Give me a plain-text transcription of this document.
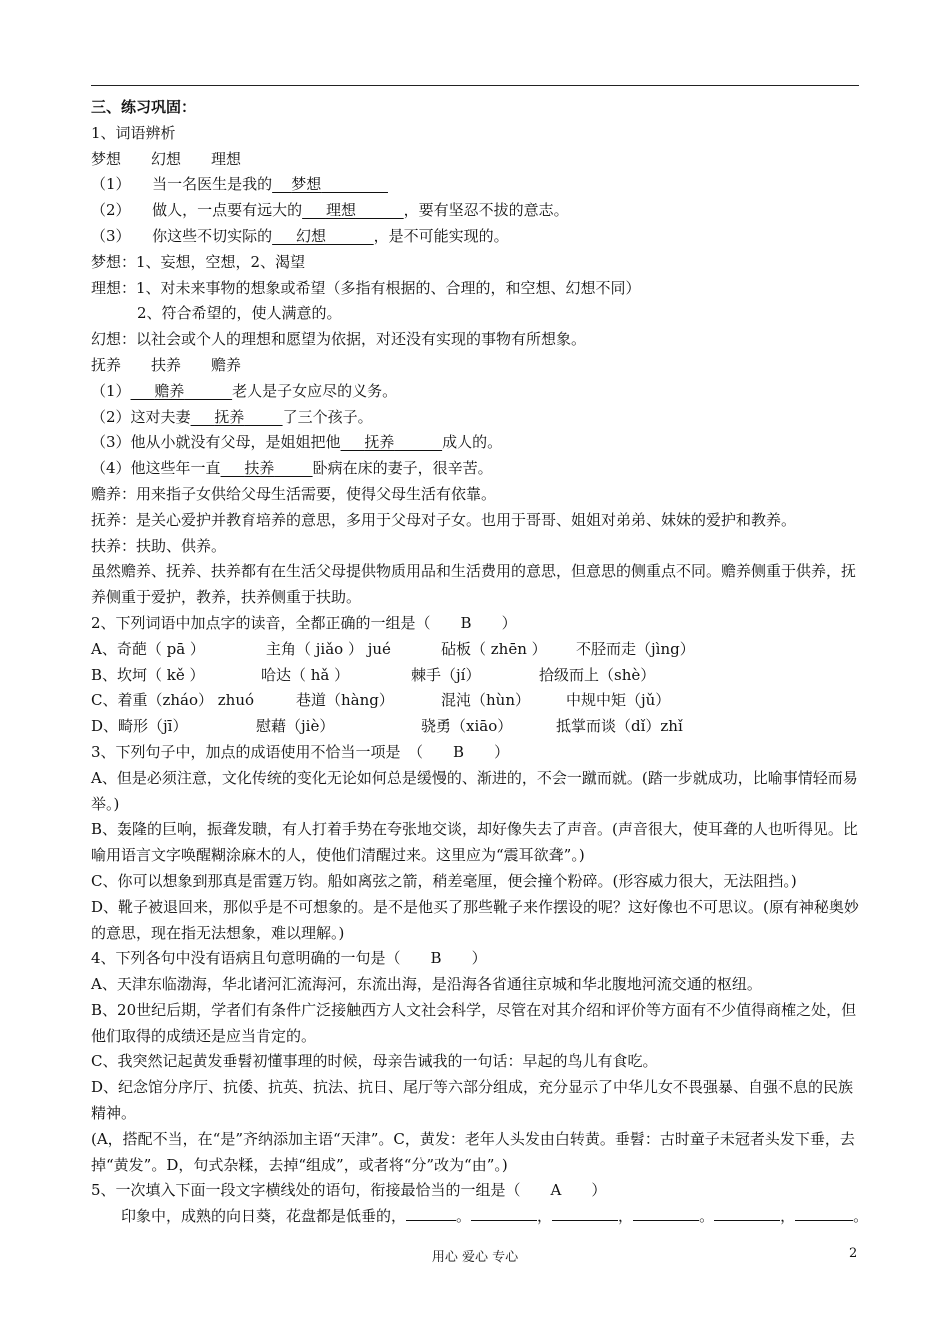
三、练习巩固：
1、词语辨析
梦想　　幻想　　理想
（1） 当一名医生是我的 梦想
（2） 做人，一点要有远大的 理想	，要有坚忍不拔的意志。
（3） 你这些不切实际的 幻想	，是不可能实现的。
梦想：1、妄想，空想，2、渴望
理想：1、对未来事物的想象或希望（多指有根据的、合理的，和空想、幻想不同）
2、符合希望的，使人满意的。
幻想：以社会或个人的理想和愿望为依据，对还没有实现的事物有所想象。
抚养　　扶养　　赡养
（1） 赡养	老人是子女应尽的义务。
（2）这对夫妻 抚养	了三个孩子。
（3）他从小就没有父母，是姐姐把他 抚养	成人的。
（4）他这些年一直 扶养	卧病在床的妻子，很辛苦。
赡养：用来指子女供给父母生活需要，使得父母生活有依靠。
抚养：是关心爱护并教育培养的意思，多用于父母对子女。也用于哥哥、姐姐对弟弟、妹妹的爱护和教养。
扶养：扶助、供养。
虽然赡养、抚养、扶养都有在生活父母提供物质用品和生活费用的意思，但意思的侧重点不同。赡养侧重于供养，抚养侧重于爱护，教养，扶养侧重于扶助。
2、下列词语中加点字的读音，全都正确的一组是（　　B　　）
A、奇葩（ pā ）	主角（ jiǎo ） jué	砧板（ zhēn ） 不胫而走（jìng）
B、坎坷（ kě ）	哈达（ hǎ ）	棘手（jí）	拾级而上（shè）
C、着重（zháo） zhuó	巷道（hàng）	混沌（hùn） 中规中矩（jǔ）
D、畸形（jī）	慰藉（jiè）	骁勇（xiāo）	抵掌而谈（dǐ）zhǐ
3、下列句子中，加点的成语使用不恰当一项是　（　　B　　）
A、但是必须注意，文化传统的变化无论如何总是缓慢的、渐进的，不会一蹴而就。(踏一步就成功，比喻事情轻而易举。)
B、轰隆的巨响，振聋发聩，有人打着手势在夸张地交谈，却好像失去了声音。(声音很大，使耳聋的人也听得见。比喻用语言文字唤醒糊涂麻木的人，使他们清醒过来。这里应为“震耳欲聋”。)
C、你可以想象到那真是雷霆万钧。船如离弦之箭，稍差毫厘，便会撞个粉碎。(形容威力很大，无法阻挡。)
D、靴子被退回来，那似乎是不可想象的。是不是他买了那些靴子来作摆设的呢？这好像也不可思议。(原有神秘奥妙的意思，现在指无法想象，难以理解。)
4、下列各句中没有语病且句意明确的一句是（　　B　　）
A、天津东临渤海，华北诸河汇流海河，东流出海，是沿海各省通往京城和华北腹地河流交通的枢纽。
B、20世纪后期，学者们有条件广泛接触西方人文社会科学，尽管在对其介绍和评价等方面有不少值得商榷之处，但他们取得的成绩还是应当肯定的。
C、我突然记起黄发垂髫初懂事理的时候，母亲告诫我的一句话：早起的鸟儿有食吃。
D、纪念馆分序厅、抗倭、抗英、抗法、抗日、尾厅等六部分组成，充分显示了中华儿女不畏强暴、自强不息的民族精神。
(A，搭配不当，在“是”齐纳添加主语“天津”。C，黄发：老年人头发由白转黄。垂髫：古时童子未冠者头发下垂，去掉“黄发”。D，句式杂糅，去掉“组成”，或者将“分”改为“由”。)
5、一次填入下面一段文字横线处的语句，衔接最恰当的一组是（　　A　　）
印象中，成熟的向日葵，花盘都是低垂的，	。	，	，	。	，	。
用心 爱心 专心	2
